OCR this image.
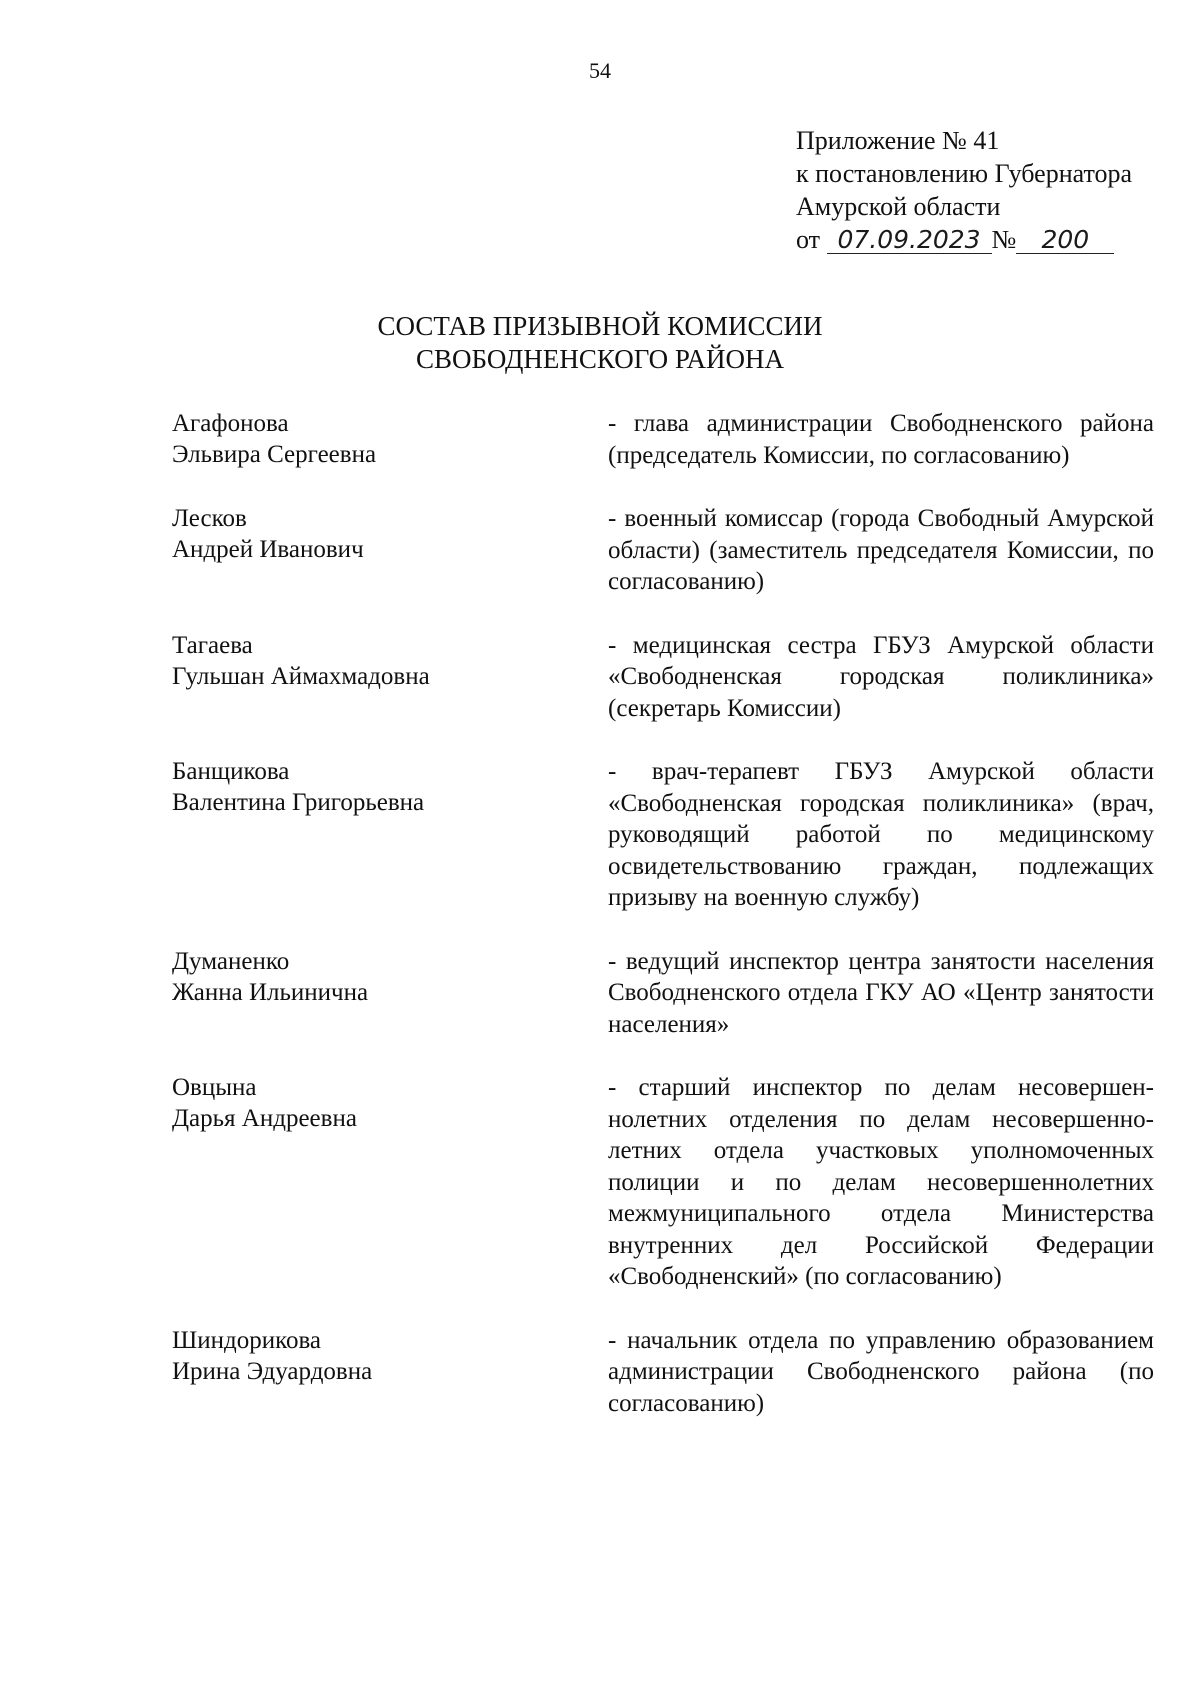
54
Приложение № 41
к постановлению Губернатора
Амурской области
от 07.09.2023 № 200
СОСТАВ ПРИЗЫВНОЙ КОМИССИИ
СВОБОДНЕНСКОГО РАЙОНА
Агафонова
Эльвира Сергеевна
- глава администрации Свободненского района (председатель Комиссии, по согласованию)
Лесков
Андрей Иванович
- военный комиссар (города Свободный Амурской области) (заместитель председателя Комиссии, по согласованию)
Тагаева
Гульшан Аймахмадовна
- медицинская сестра ГБУЗ Амурской области «Свободненская городская поликлиника» (секретарь Комиссии)
Банщикова
Валентина Григорьевна
- врач-терапевт ГБУЗ Амурской области «Свободненская городская поликлиника» (врач, руководящий работой по медицинскому освидетельствованию граждан, подлежащих призыву на военную службу)
Думаненко
Жанна Ильинична
- ведущий инспектор центра занятости населения Свободненского отдела ГКУ АО «Центр занятости населения»
Овцына
Дарья Андреевна
- старший инспектор по делам несовершеннолетних отделения по делам несовершеннолетних отдела участковых уполномоченных полиции и по делам несовершеннолетних межмуниципального отдела Министерства внутренних дел Российской Федерации «Свободненский» (по согласованию)
Шиндорикова
Ирина Эдуардовна
- начальник отдела по управлению образованием администрации Свободненского района (по согласованию)
